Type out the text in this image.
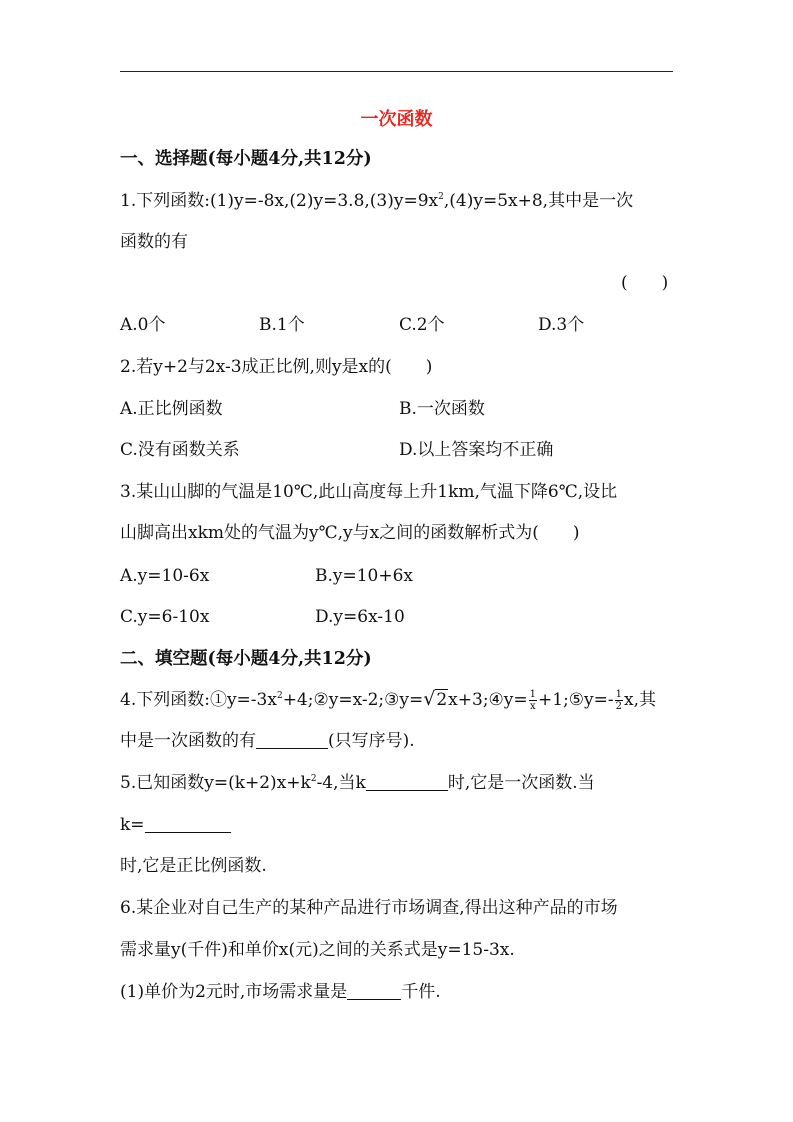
一次函数
一、选择题(每小题4分,共12分)
1.下列函数$:(1)y=-8x,(2)y=3.8,(3)y=9x^2,(4)y=5x+8$,其中是一次
函数的有
(　　)
A.0个	B.1个	C.2个	D.3个
2.若y+2与2x-3成正比例,则y是x的(　　)
A.正比例函数	B.一次函数
C.没有函数关系	D.以上答案均不正确
3.某山山脚的气温是10℃,此山高度每上升1km,气温下降6℃,设比
山脚高出xkm处的气温为y℃,y与x之间的函数解析式为(　　)
A.y=10-6x	B.y=10+6x
C.y=6-10x	D.y=6x-10
二、填空题(每小题4分,共12分)
4.下列函数$:①y=-3x^2+4;②y=x-2;③y=√2x+3;④y= \frac{1}{x}$ +1;⑤y=- $\frac{1}{2} x$,其
中是一次函数的有	(只写序号).
5.已知函数$y=(k+2)x+k^2-4$,当k	时,它是一次函数.当
k=
时,它是正比例函数.
6.某企业对自己生产的某种产品进行市场调查,得出这种产品的市场
需求量y(千件)和单价x(元)之间的关系式是y=15-3x.
(1)单价为2元时,市场需求量是	千件.
